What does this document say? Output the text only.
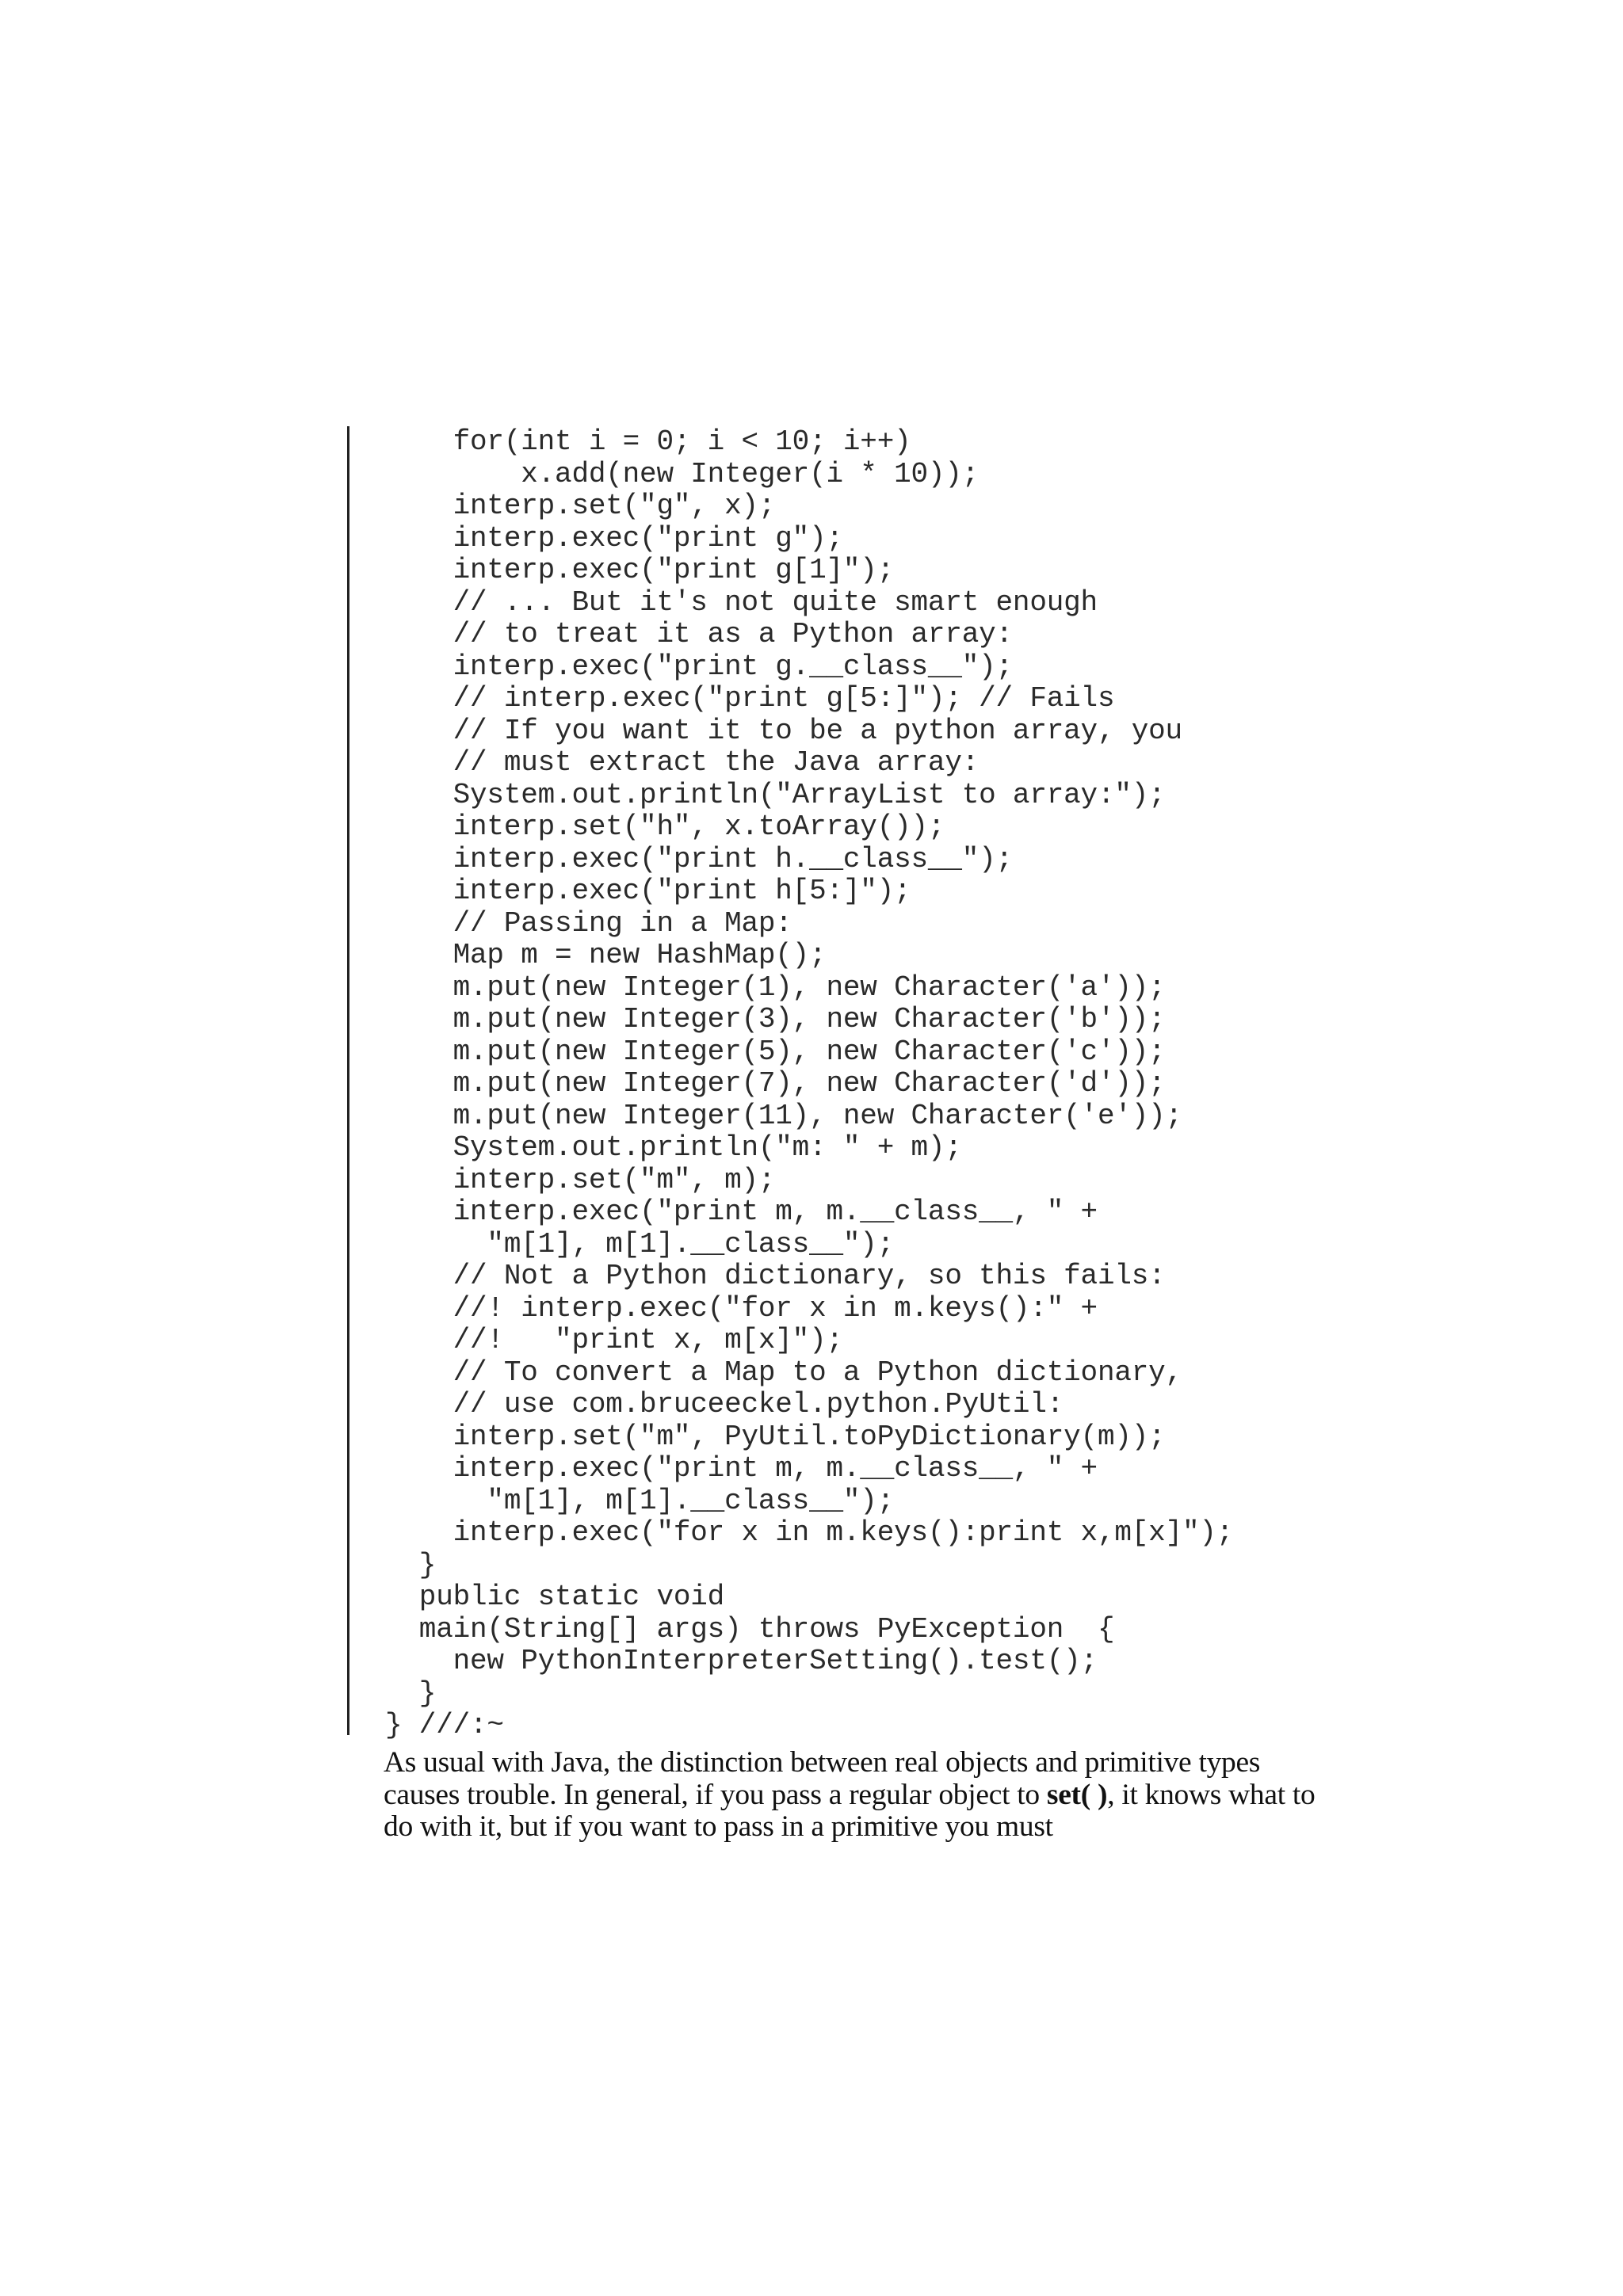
for(int i = 0; i < 10; i++)
x.add(new Integer(i * 10));
interp.set("g", x);
interp.exec("print g");
interp.exec("print g[1]");
// ... But it's not quite smart enough
// to treat it as a Python array:
interp.exec("print g.__class__");
// interp.exec("print g[5:]"); // Fails
// If you want it to be a python array, you
// must extract the Java array:
System.out.println("ArrayList to array:");
interp.set("h", x.toArray());
interp.exec("print h.__class__");
interp.exec("print h[5:]");
// Passing in a Map:
Map m = new HashMap();
m.put(new Integer(1), new Character('a'));
m.put(new Integer(3), new Character('b'));
m.put(new Integer(5), new Character('c'));
m.put(new Integer(7), new Character('d'));
m.put(new Integer(11), new Character('e'));
System.out.println("m: " + m);
interp.set("m", m);
interp.exec("print m, m.__class__, " +
"m[1], m[1].__class__");
// Not a Python dictionary, so this fails:
//! interp.exec("for x in m.keys():" +
//!   "print x, m[x]");
// To convert a Map to a Python dictionary,
// use com.bruceeckel.python.PyUtil:
interp.set("m", PyUtil.toPyDictionary(m));
interp.exec("print m, m.__class__, " +
"m[1], m[1].__class__");
interp.exec("for x in m.keys():print x,m[x]");
}
public static void
main(String[] args) throws PyException  {
new PythonInterpreterSetting().test();
}
} ///:~

As usual with Java, the distinction between real objects and primitive types causes trouble. In general, if you pass a regular object to set( ), it knows what to do with it, but if you want to pass in a primitive you must
